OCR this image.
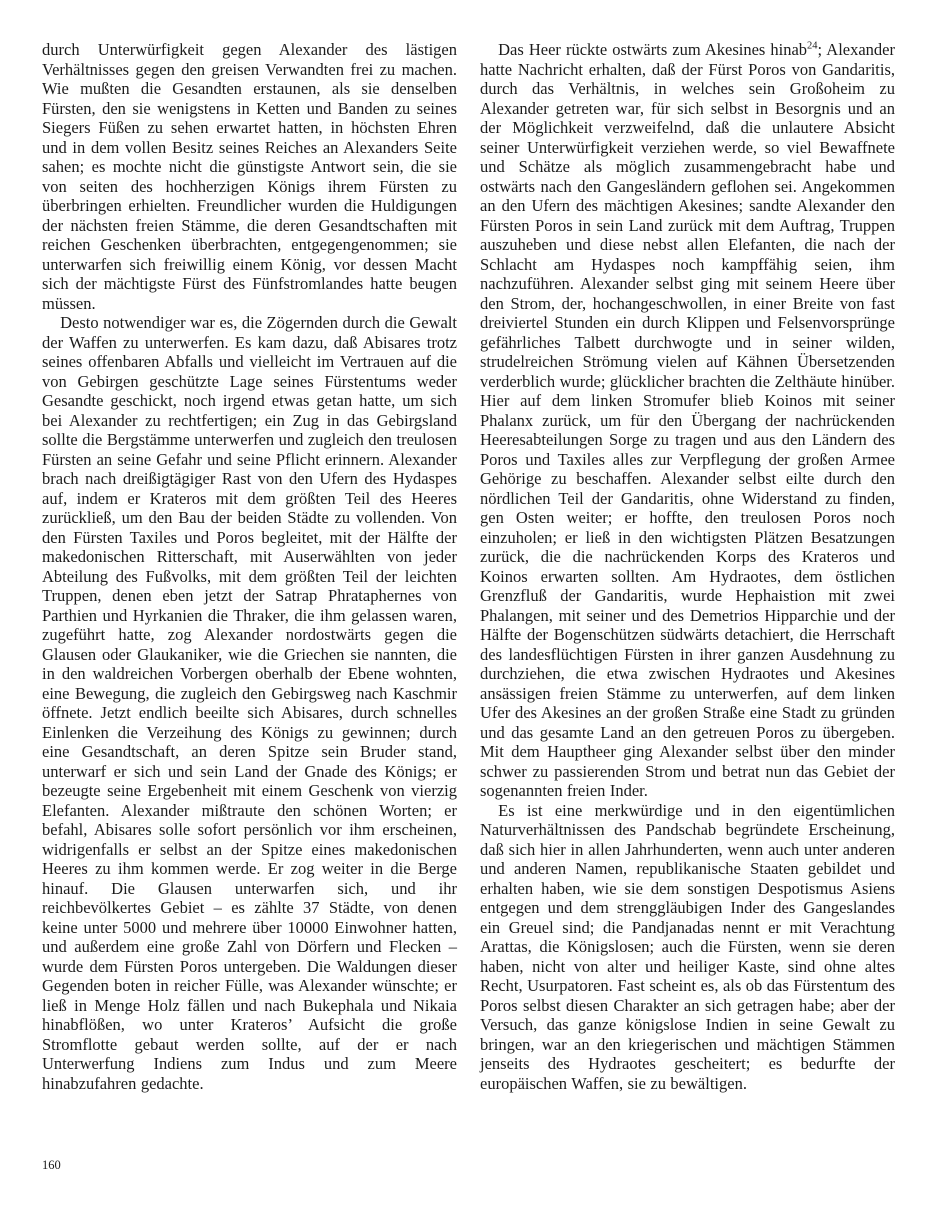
durch Unterwürfigkeit gegen Alexander des lästigen Verhältnisses gegen den greisen Verwandten frei zu machen. Wie mußten die Gesandten erstaunen, als sie denselben Fürsten, den sie wenigstens in Ketten und Banden zu seines Siegers Füßen zu sehen erwartet hatten, in höchsten Ehren und in dem vollen Besitz seines Reiches an Alexanders Seite sahen; es mochte nicht die günstigste Antwort sein, die sie von seiten des hochherzigen Königs ihrem Fürsten zu überbringen erhielten. Freundlicher wurden die Huldigungen der nächsten freien Stämme, die deren Gesandtschaften mit reichen Geschenken überbrachten, entgegengenommen; sie unterwarfen sich freiwillig einem König, vor dessen Macht sich der mächtigste Fürst des Fünfstromlandes hatte beugen müssen.

Desto notwendiger war es, die Zögernden durch die Gewalt der Waffen zu unterwerfen. Es kam dazu, daß Abisares trotz seines offenbaren Abfalls und vielleicht im Vertrauen auf die von Gebirgen geschützte Lage seines Fürstentums weder Gesandte geschickt, noch irgend etwas getan hatte, um sich bei Alexander zu rechtfertigen; ein Zug in das Gebirgsland sollte die Bergstämme unterwerfen und zugleich den treulosen Fürsten an seine Gefahr und seine Pflicht erinnern. Alexander brach nach dreißigtägiger Rast von den Ufern des Hydaspes auf, indem er Krateros mit dem größten Teil des Heeres zurückließ, um den Bau der beiden Städte zu vollenden. Von den Fürsten Taxiles und Poros begleitet, mit der Hälfte der makedonischen Ritterschaft, mit Auserwählten von jeder Abteilung des Fußvolks, mit dem größten Teil der leichten Truppen, denen eben jetzt der Satrap Phrataphernes von Parthien und Hyrkanien die Thraker, die ihm gelassen waren, zugeführt hatte, zog Alexander nordostwärts gegen die Glausen oder Glaukaniker, wie die Griechen sie nannten, die in den waldreichen Vorbergen oberhalb der Ebene wohnten, eine Bewegung, die zugleich den Gebirgsweg nach Kaschmir öffnete. Jetzt endlich beeilte sich Abisares, durch schnelles Einlenken die Verzeihung des Königs zu gewinnen; durch eine Gesandtschaft, an deren Spitze sein Bruder stand, unterwarf er sich und sein Land der Gnade des Königs; er bezeugte seine Ergebenheit mit einem Geschenk von vierzig Elefanten. Alexander mißtraute den schönen Worten; er befahl, Abisares solle sofort persönlich vor ihm erscheinen, widrigenfalls er selbst an der Spitze eines makedonischen Heeres zu ihm kommen werde. Er zog weiter in die Berge hinauf. Die Glausen unterwarfen sich, und ihr reichbevölkertes Gebiet – es zählte 37 Städte, von denen keine unter 5000 und mehrere über 10000 Einwohner hatten, und außerdem eine große Zahl von Dörfern und Flecken – wurde dem Fürsten Poros untergeben. Die Waldungen dieser Gegenden boten in reicher Fülle, was Alexander wünschte; er ließ in Menge Holz fällen und nach Bukephala und Nikaia hinabflößen, wo unter Krateros’ Aufsicht die große Stromflotte gebaut werden sollte, auf der er nach Unterwerfung Indiens zum Indus und zum Meere hinabzufahren gedachte.

Das Heer rückte ostwärts zum Akesines hinab$^{24}$; Alexander hatte Nachricht erhalten, daß der Fürst Poros von Gandaritis, durch das Verhältnis, in welches sein Großoheim zu Alexander getreten war, für sich selbst in Besorgnis und an der Möglichkeit verzweifelnd, daß die unlautere Absicht seiner Unterwürfigkeit verziehen werde, so viel Bewaffnete und Schätze als möglich zusammengebracht habe und ostwärts nach den Gangesländern geflohen sei. Angekommen an den Ufern des mächtigen Akesines; sandte Alexander den Fürsten Poros in sein Land zurück mit dem Auftrag, Truppen auszuheben und diese nebst allen Elefanten, die nach der Schlacht am Hydaspes noch kampffähig seien, ihm nachzuführen. Alexander selbst ging mit seinem Heere über den Strom, der, hochangeschwollen, in einer Breite von fast dreiviertel Stunden ein durch Klippen und Felsenvorsprünge gefährliches Talbett durchwogte und in seiner wilden, strudelreichen Strömung vielen auf Kähnen Übersetzenden verderblich wurde; glücklicher brachten die Zelthäute hinüber. Hier auf dem linken Stromufer blieb Koinos mit seiner Phalanx zurück, um für den Übergang der nachrückenden Heeresabteilungen Sorge zu tragen und aus den Ländern des Poros und Taxiles alles zur Verpflegung der großen Armee Gehörige zu beschaffen. Alexander selbst eilte durch den nördlichen Teil der Gandaritis, ohne Widerstand zu finden, gen Osten weiter; er hoffte, den treulosen Poros noch einzuholen; er ließ in den wichtigsten Plätzen Besatzungen zurück, die die nachrückenden Korps des Krateros und Koinos erwarten sollten. Am Hydraotes, dem östlichen Grenzfluß der Gandaritis, wurde Hephaistion mit zwei Phalangen, mit seiner und des Demetrios Hipparchie und der Hälfte der Bogenschützen südwärts detachiert, die Herrschaft des landesflüchtigen Fürsten in ihrer ganzen Ausdehnung zu durchziehen, die etwa zwischen Hydraotes und Akesines ansässigen freien Stämme zu unterwerfen, auf dem linken Ufer des Akesines an der großen Straße eine Stadt zu gründen und das gesamte Land an den getreuen Poros zu übergeben. Mit dem Hauptheer ging Alexander selbst über den minder schwer zu passierenden Strom und betrat nun das Gebiet der sogenannten freien Inder.

Es ist eine merkwürdige und in den eigentümlichen Naturverhältnissen des Pandschab begründete Erscheinung, daß sich hier in allen Jahrhunderten, wenn auch unter anderen und anderen Namen, republikanische Staaten gebildet und erhalten haben, wie sie dem sonstigen Despotismus Asiens entgegen und dem strenggläubigen Inder des Gangeslandes ein Greuel sind; die Pandjanadas nennt er mit Verachtung Arattas, die Königslosen; auch die Fürsten, wenn sie deren haben, nicht von alter und heiliger Kaste, sind ohne altes Recht, Usurpatoren. Fast scheint es, als ob das Fürstentum des Poros selbst diesen Charakter an sich getragen habe; aber der Versuch, das ganze königslose Indien in seine Gewalt zu bringen, war an den kriegerischen und mächtigen Stämmen jenseits des Hydraotes gescheitert; es bedurfte der europäischen Waffen, sie zu bewältigen.

160
